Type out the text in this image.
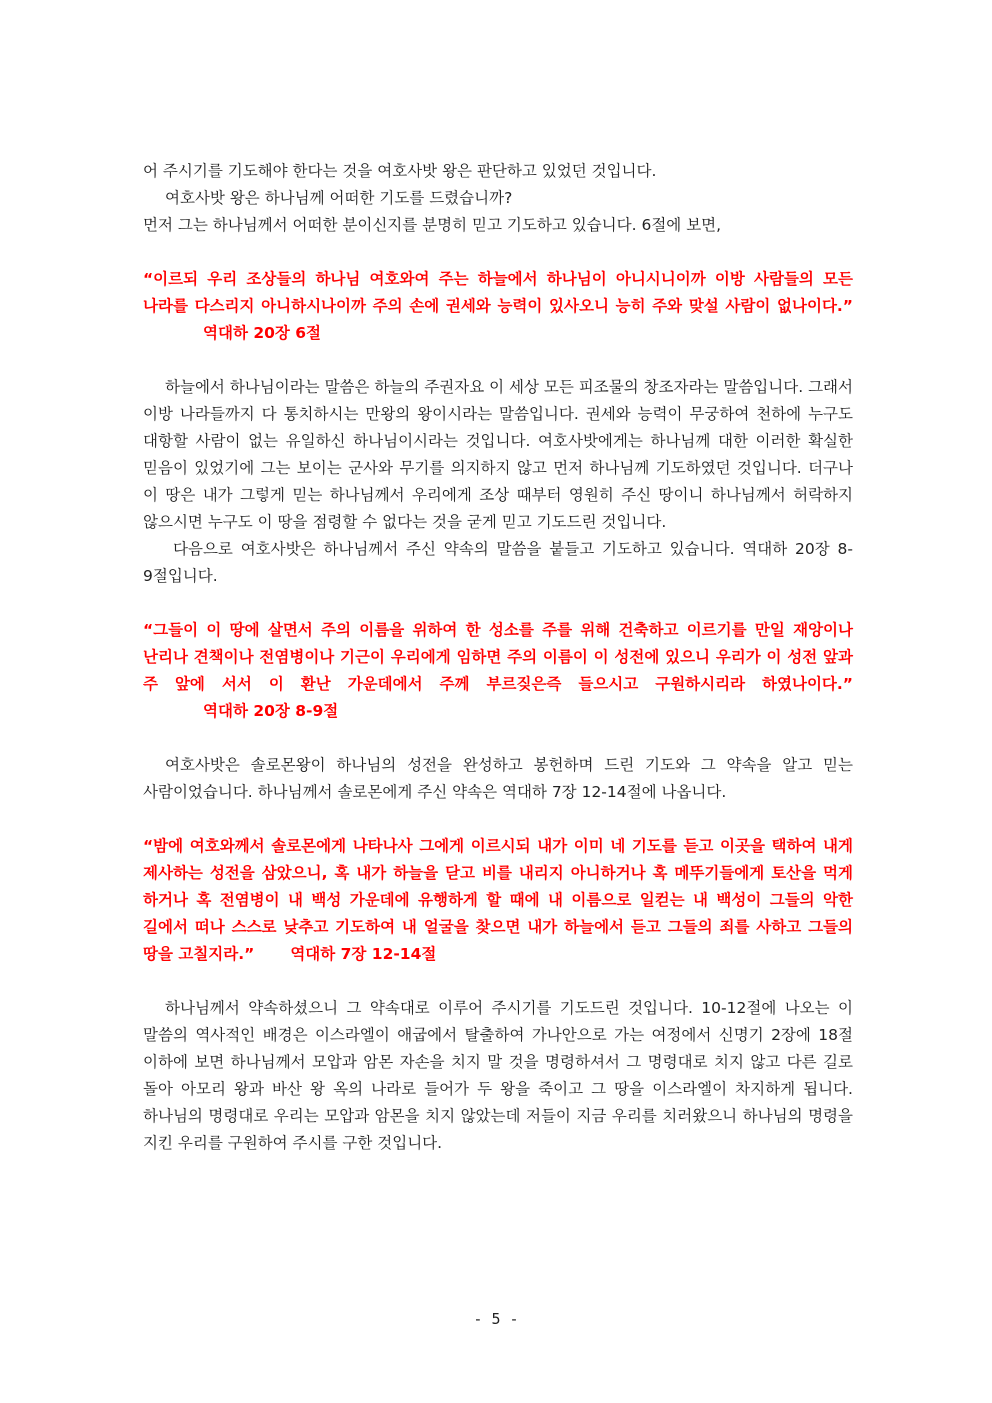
어 주시기를 기도해야 한다는 것을 여호사밧 왕은 판단하고 있었던 것입니다.

여호사밧 왕은 하나님께 어떠한 기도를 드렸습니까?

먼저 그는 하나님께서 어떠한 분이신지를 분명히 믿고 기도하고 있습니다. 6절에 보면,

“이르되 우리 조상들의 하나님 여호와여 주는 하늘에서 하나님이 아니시니이까 이방 사람들의 모든 나라를 다스리지 아니하시나이까 주의 손에 권세와 능력이 있사오니 능히 주와 맞설 사람이 없나이다.”역대하 20장 6절

하늘에서 하나님이라는 말씀은 하늘의 주권자요 이 세상 모든 피조물의 창조자라는 말씀입니다. 그래서 이방 나라들까지 다 통치하시는 만왕의 왕이시라는 말씀입니다. 권세와 능력이 무궁하여 천하에 누구도 대항할 사람이 없는 유일하신 하나님이시라는 것입니다. 여호사밧에게는 하나님께 대한 이러한 확실한 믿음이 있었기에 그는 보이는 군사와 무기를 의지하지 않고 먼저 하나님께 기도하였던 것입니다. 더구나 이 땅은 내가 그렇게 믿는 하나님께서 우리에게 조상 때부터 영원히 주신 땅이니 하나님께서 허락하지 않으시면 누구도 이 땅을 점령할 수 없다는 것을 굳게 믿고 기도드린 것입니다.

다음으로 여호사밧은 하나님께서 주신 약속의 말씀을 붙들고 기도하고 있습니다. 역대하 20장 8-9절입니다.

“그들이 이 땅에 살면서 주의 이름을 위하여 한 성소를 주를 위해 건축하고 이르기를 만일 재앙이나 난리나 견책이나 전염병이나 기근이 우리에게 임하면 주의 이름이 이 성전에 있으니 우리가 이 성전 앞과 주 앞에 서서 이 환난 가운데에서 주께 부르짖은즉 들으시고 구원하시리라 하였나이다.”역대하 20장 8-9절

여호사밧은 솔로몬왕이 하나님의 성전을 완성하고 봉헌하며 드린 기도와 그 약속을 알고 믿는 사람이었습니다. 하나님께서 솔로몬에게 주신 약속은 역대하 7장 12-14절에 나옵니다.

“밤에 여호와께서 솔로몬에게 나타나사 그에게 이르시되 내가 이미 네 기도를 듣고 이곳을 택하여 내게 제사하는 성전을 삼았으니, 혹 내가 하늘을 닫고 비를 내리지 아니하거나 혹 메뚜기들에게 토산을 먹게 하거나 혹 전염병이 내 백성 가운데에 유행하게 할 때에 내 이름으로 일컫는 내 백성이 그들의 악한 길에서 떠나 스스로 낮추고 기도하여 내 얼굴을 찾으면 내가 하늘에서 듣고 그들의 죄를 사하고 그들의 땅을 고칠지라.” 역대하 7장 12-14절

하나님께서 약속하셨으니 그 약속대로 이루어 주시기를 기도드린 것입니다. 10-12절에 나오는 이 말씀의 역사적인 배경은 이스라엘이 애굽에서 탈출하여 가나안으로 가는 여정에서 신명기 2장에 18절 이하에 보면 하나님께서 모압과 암몬 자손을 치지 말 것을 명령하셔서 그 명령대로 치지 않고 다른 길로 돌아 아모리 왕과 바산 왕 옥의 나라로 들어가 두 왕을 죽이고 그 땅을 이스라엘이 차지하게 됩니다. 하나님의 명령대로 우리는 모압과 암몬을 치지 않았는데 저들이 지금 우리를 치러왔으니 하나님의 명령을 지킨 우리를 구원하여 주시를 구한 것입니다.

- 5 -
